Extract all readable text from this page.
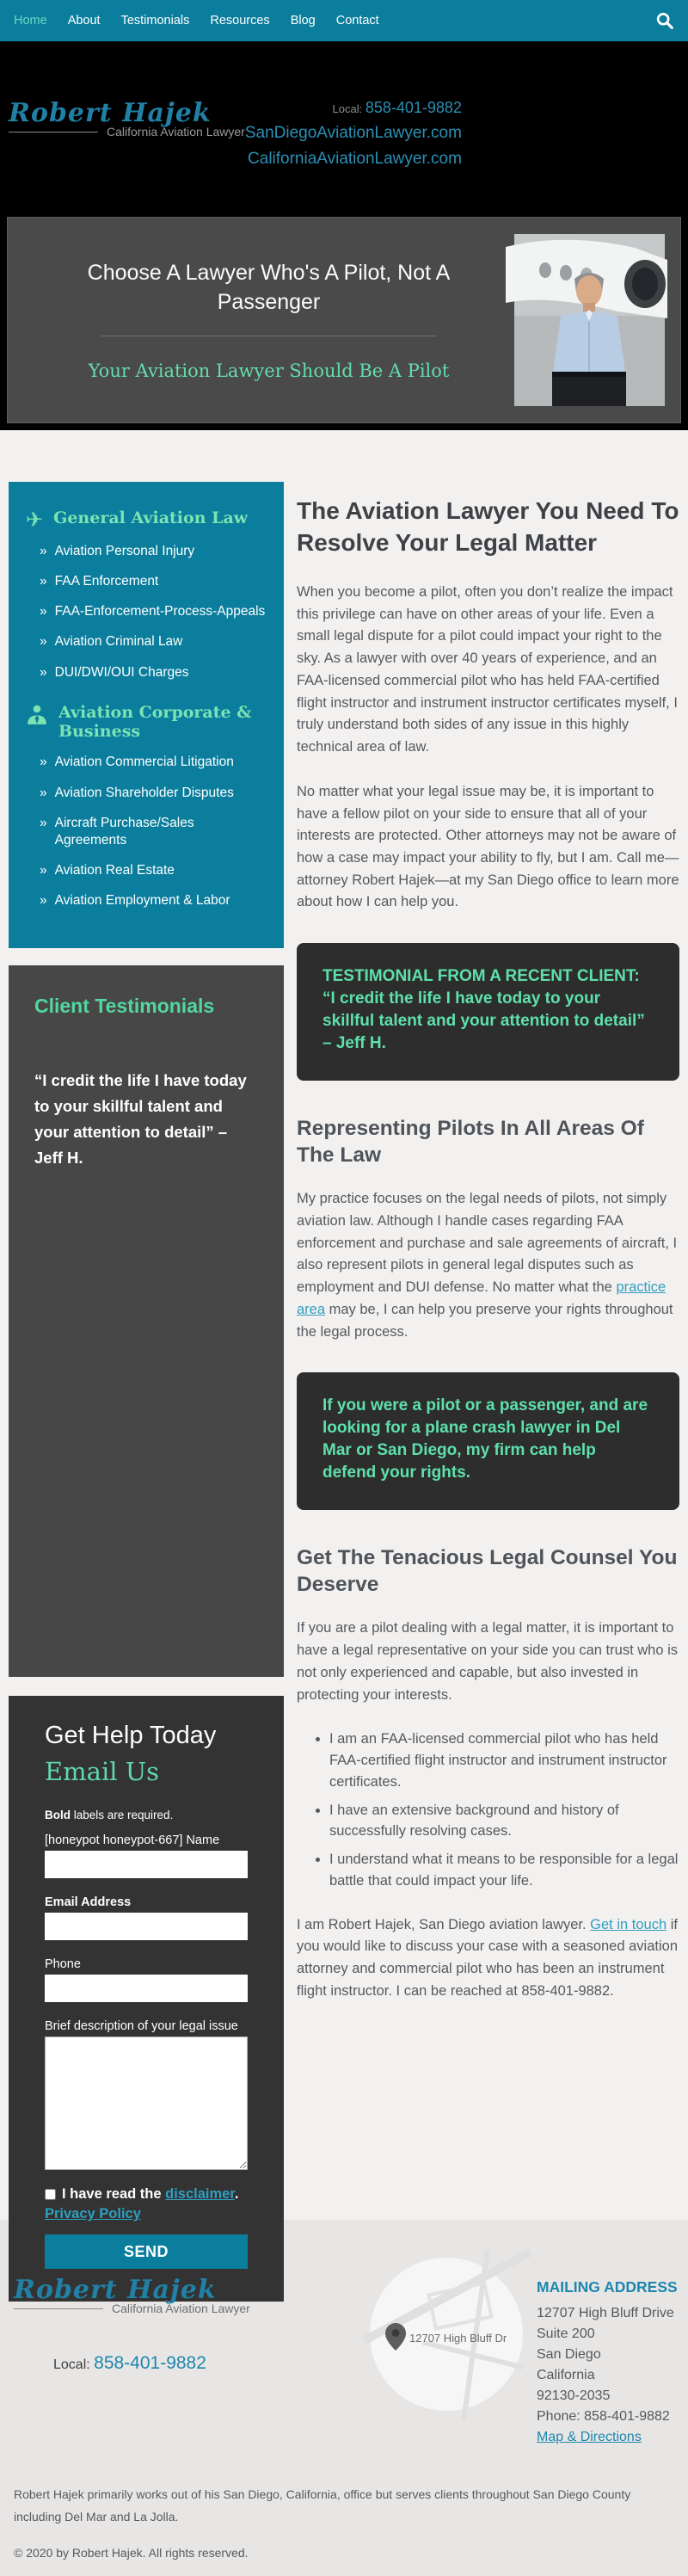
Home About Testimonials Resources Blog Contact
Robert Hajek
California Aviation Lawyer
Local: 858-401-9882
SanDiegoAviationLawyer.com
CaliforniaAviationLawyer.com
Choose A Lawyer Who's A Pilot, Not A Passenger
Your Aviation Lawyer Should Be A Pilot
✈ General Aviation Law
» Aviation Personal Injury
» FAA Enforcement
» FAA-Enforcement-Process-Appeals
» Aviation Criminal Law
» DUI/DWI/OUI Charges
Aviation Corporate & Business
» Aviation Commercial Litigation
» Aviation Shareholder Disputes
» Aircraft Purchase/Sales Agreements
» Aviation Real Estate
» Aviation Employment & Labor
Client Testimonials
“I credit the life I have today to your skillful talent and your attention to detail” – Jeff H.
Get Help Today
Email Us
Bold labels are required.
[honeypot honeypot-667] Name
Email Address
Phone
Brief description of your legal issue
I have read the disclaimer.
Privacy Policy
SEND
The Aviation Lawyer You Need To Resolve Your Legal Matter

When you become a pilot, often you don’t realize the impact this privilege can have on other areas of your life. Even a small legal dispute for a pilot could impact your right to the sky. As a lawyer with over 40 years of experience, and an FAA-licensed commercial pilot who has held FAA-certified flight instructor and instrument instructor certificates myself, I truly understand both sides of any issue in this highly technical area of law.

No matter what your legal issue may be, it is important to have a fellow pilot on your side to ensure that all of your interests are protected. Other attorneys may not be aware of how a case may impact your ability to fly, but I am. Call me—attorney Robert Hajek—at my San Diego office to learn more about how I can help you.

TESTIMONIAL FROM A RECENT CLIENT: “I credit the life I have today to your skillful talent and your attention to detail” – Jeff H.
Representing Pilots In All Areas Of The Law

My practice focuses on the legal needs of pilots, not simply aviation law. Although I handle cases regarding FAA enforcement and purchase and sale agreements of aircraft, I also represent pilots in general legal disputes such as employment and DUI defense. No matter what the practice area may be, I can help you preserve your rights throughout the legal process.

If you were a pilot or a passenger, and are looking for a plane crash lawyer in Del Mar or San Diego, my firm can help defend your rights.
Get The Tenacious Legal Counsel You Deserve

If you are a pilot dealing with a legal matter, it is important to have a legal representative on your side you can trust who is not only experienced and capable, but also invested in protecting your interests.

• I am an FAA-licensed commercial pilot who has held FAA-certified flight instructor and instrument instructor certificates.
• I have an extensive background and history of successfully resolving cases.
• I understand what it means to be responsible for a legal battle that could impact your life.

I am Robert Hajek, San Diego aviation lawyer. Get in touch if you would like to discuss your case with a seasoned aviation attorney and commercial pilot who has been an instrument flight instructor. I can be reached at 858-401-9882.

Robert Hajek
California Aviation Lawyer
Local: 858-401-9882
12707 High Bluff Dr
MAILING ADDRESS
12707 High Bluff Drive
Suite 200
San Diego
California
92130-2035
Phone: 858-401-9882
Map & Directions
Robert Hajek primarily works out of his San Diego, California, office but serves clients throughout San Diego County including Del Mar and La Jolla.
© 2020 by Robert Hajek. All rights reserved.
